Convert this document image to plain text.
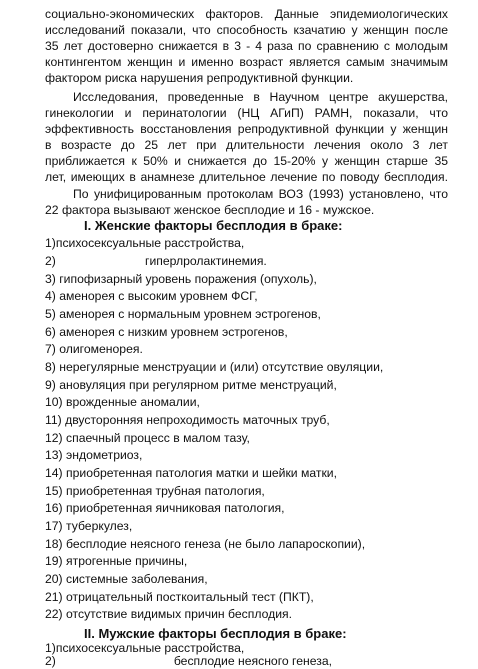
социально-экономических факторов. Данные эпидемиологических
исследований показали, что способность кзачатию у женщин после
35 лет достоверно снижается в 3 - 4 раза по сравнению с молодым
контингентом женщин и именно возраст является самым значимым
фактором риска нарушения репродуктивной функции.
Исследования, проведенные в Научном центре акушерства,
гинекологии и перинатологии (НЦ АГиП) РАМН, показали, что
эффективность восстановления репродуктивной функции у женщин
в возрасте до 25 лет при длительности лечения около 3 лет
приближается к 50% и снижается до 15-20% у женщин старше 35
лет, имеющих в анамнезе длительное лечение по поводу бесплодия.
По унифицированным протоколам ВОЗ (1993) установлено, что
22 фактора вызывают женское бесплодие и 16 - мужское.
I. Женские факторы бесплодия в браке:
1)психосексуальные расстройства,
2)	гиперлролактинемия.
3) гипофизарный уровень поражения (опухоль),
4) аменорея с высоким уровнем ФСГ,
5) аменорея с нормальным уровнем эстрогенов,
6) аменорея с низким уровнем эстрогенов,
7) олигоменорея.
8) нерегулярные менструации и (или) отсутствие овуляции,
9) ановуляция при регулярном ритме менструаций,
10) врожденные аномалии,
11) двусторонняя непроходимость маточных труб,
12) спаечный процесс в малом тазу,
13) эндометриоз,
14) приобретенная патология матки и шейки матки,
15) приобретенная трубная патология,
16) приобретенная яичниковая патология,
17) туберкулез,
18) бесплодие неясного генеза (не было лапароскопии),
19) ятрогенные причины,
20) системные заболевания,
21) отрицательный посткоитальный тест (ПКТ),
22) отсутствие видимых причин бесплодия.
II. Мужские факторы бесплодия в браке:
1)психосексуальные расстройства,
2)	бесплодие неясного генеза,
